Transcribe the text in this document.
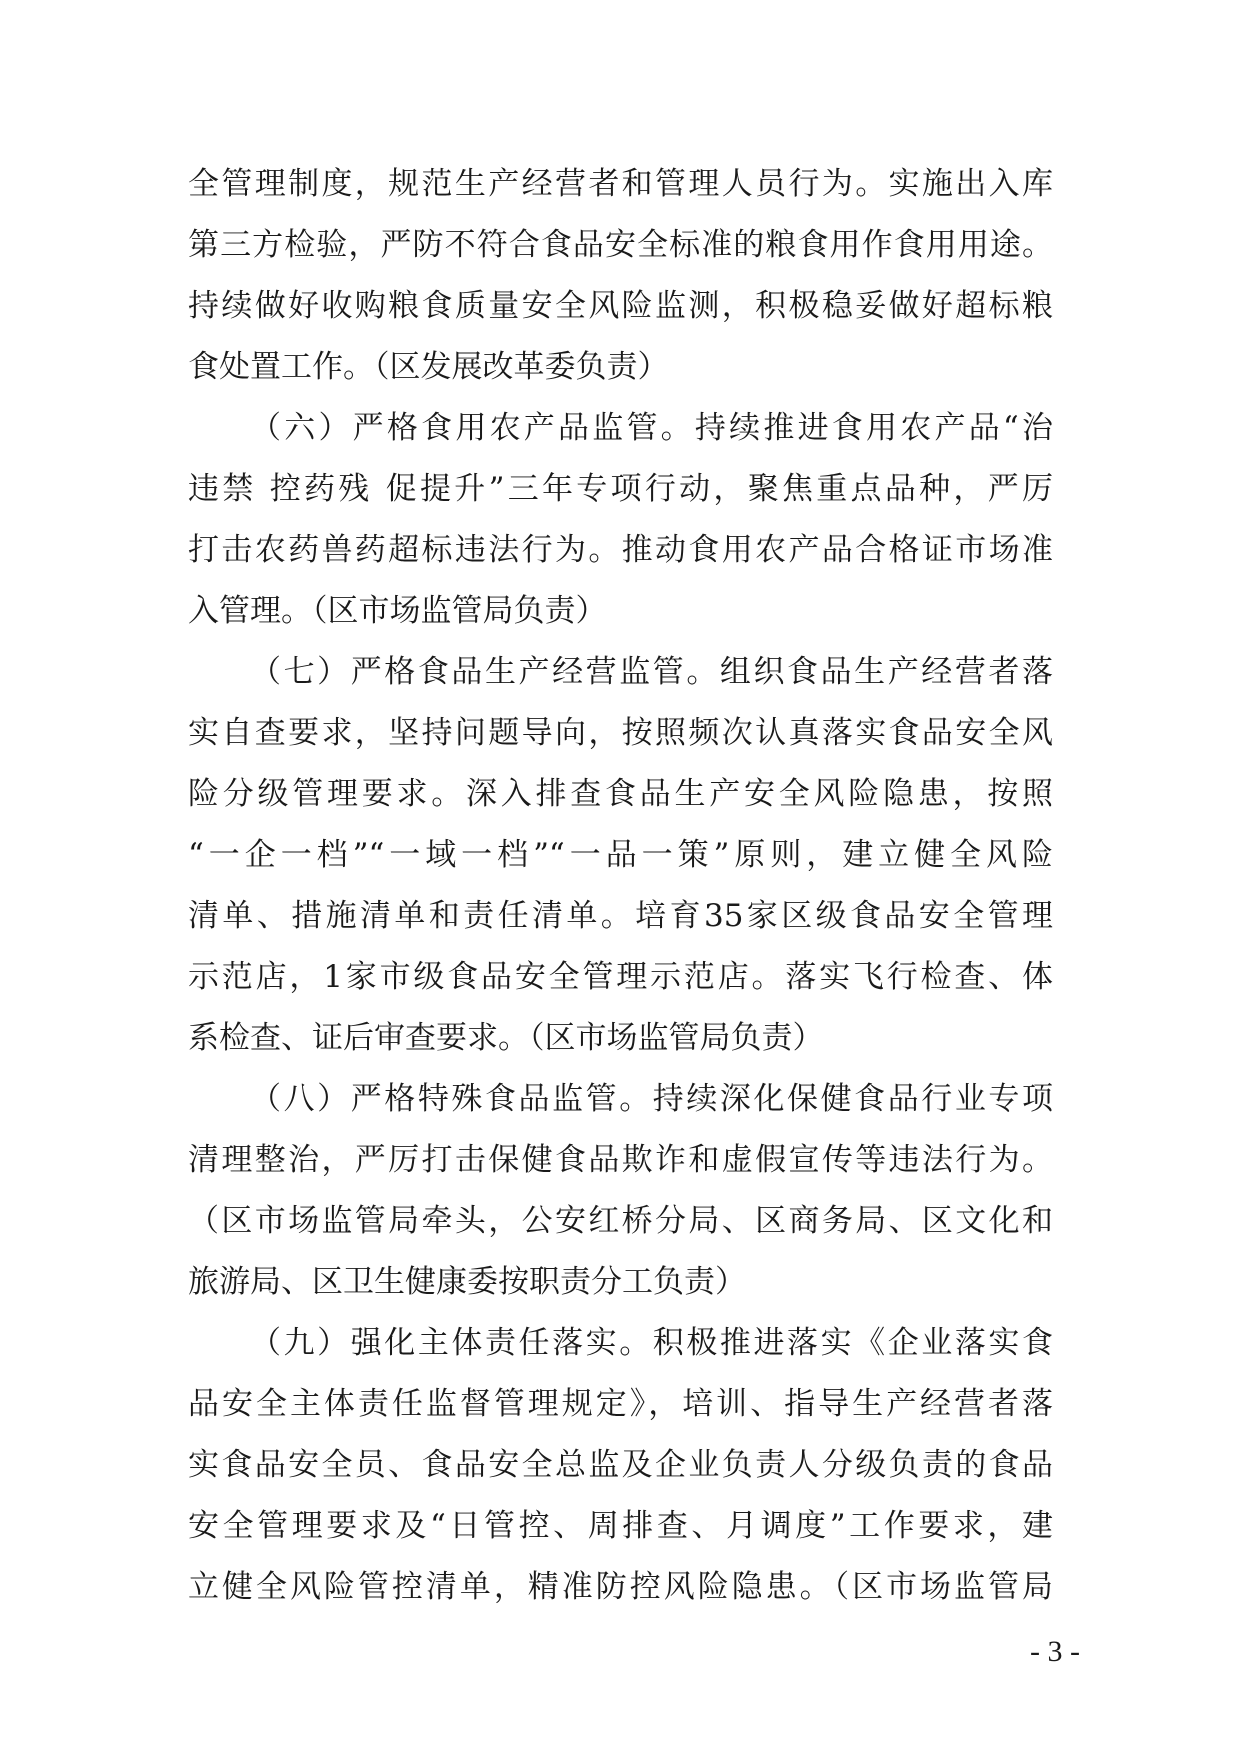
全管理制度，规范生产经营者和管理人员行为。实施出入库
第三方检验，严防不符合食品安全标准的粮食用作食用用途。
持续做好收购粮食质量安全风险监测，积极稳妥做好超标粮
食处置工作。（区发展改革委负责）
（六）严格食用农产品监管。持续推进食用农产品“治
违禁 控药残 促提升”三年专项行动，聚焦重点品种，严厉
打击农药兽药超标违法行为。推动食用农产品合格证市场准
入管理。（区市场监管局负责）
（七）严格食品生产经营监管。组织食品生产经营者落
实自查要求，坚持问题导向，按照频次认真落实食品安全风
险分级管理要求。深入排查食品生产安全风险隐患，按照
“一企一档”“一域一档”“一品一策”原则，建立健全风险
清单、措施清单和责任清单。培育35家区级食品安全管理
示范店，1家市级食品安全管理示范店。落实飞行检查、体
系检查、证后审查要求。（区市场监管局负责）
（八）严格特殊食品监管。持续深化保健食品行业专项
清理整治，严厉打击保健食品欺诈和虚假宣传等违法行为。
（区市场监管局牵头，公安红桥分局、区商务局、区文化和
旅游局、区卫生健康委按职责分工负责）
（九）强化主体责任落实。积极推进落实《企业落实食
品安全主体责任监督管理规定》，培训、指导生产经营者落
实食品安全员、食品安全总监及企业负责人分级负责的食品
安全管理要求及“日管控、周排查、月调度”工作要求，建
立健全风险管控清单，精准防控风险隐患。（区市场监管局
- 3 -
